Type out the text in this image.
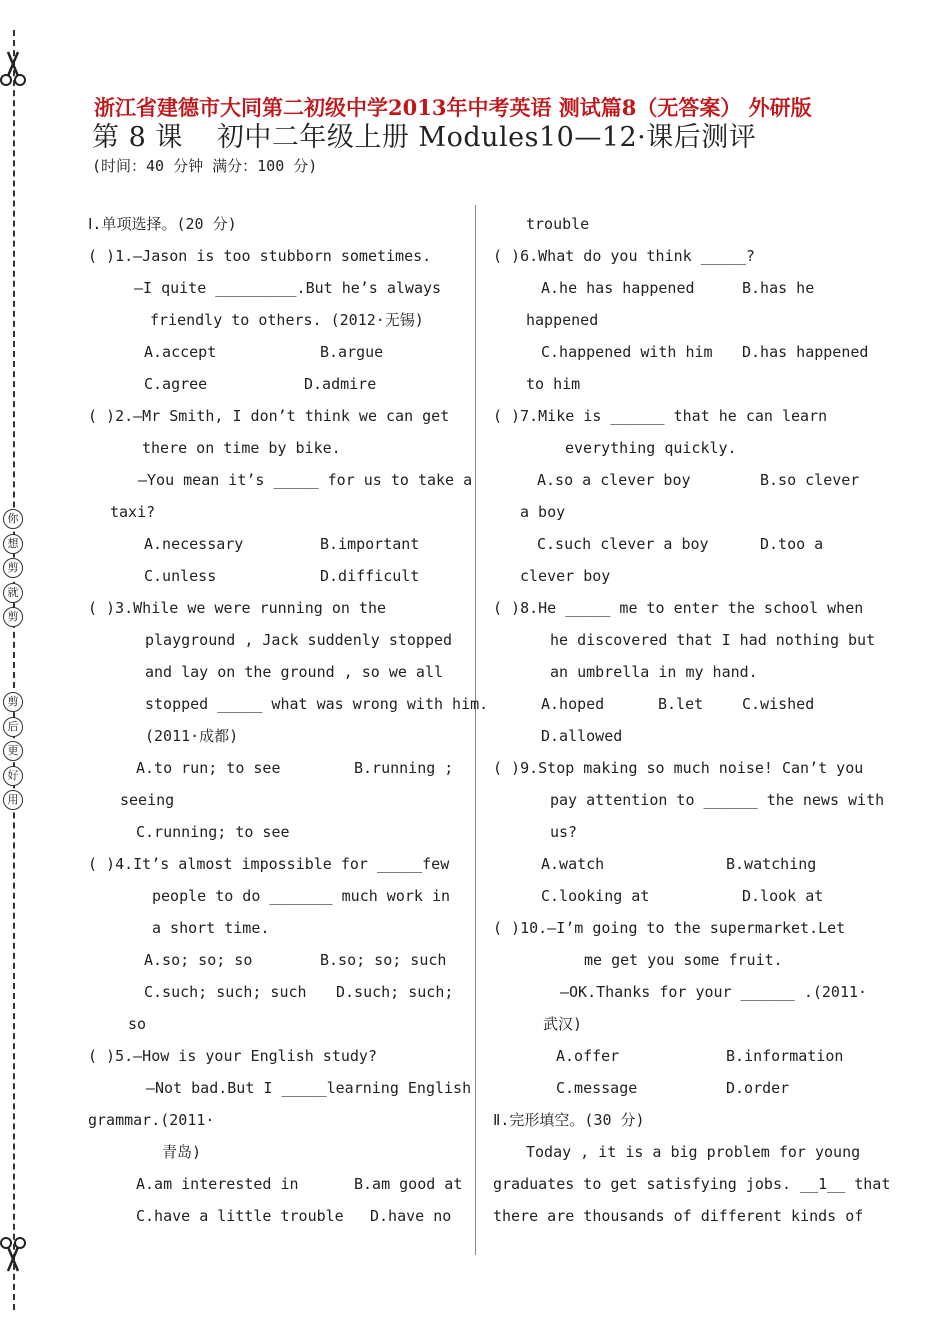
你
想
剪
就
剪
剪
后
更
好
用
浙江省建德市大同第二初级中学2013年中考英语 测试篇8（无答案） 外研版
第 8 课 初中二年级上册 Modules10—12·课后测评
(时间：40 分钟 满分：100 分)
Ⅰ.单项选择。(20 分)
( )1.—Jason is too stubborn sometimes.
—I quite _________.But he’s always
friendly to others. (2012·无锡)
A.accept	B.argue
C.agree	D.admire
( )2.—Mr Smith, I don’t think we can get
there on time by bike.
—You mean it’s _____ for us to take a
taxi?
A.necessary	B.important
C.unless	D.difficult
( )3.While we were running on the
playground , Jack suddenly stopped
and lay on the ground , so we all
stopped _____ what was wrong with him.
(2011·成都)
A.to run; to see	B.running ;
seeing
C.running; to see
( )4.It’s almost impossible for _____few
people to do _______ much work in
a short time.
A.so; so; so	B.so; so; such
C.such; such; such D.such; such;
so
( )5.—How is your English study?
—Not bad.But I _____learning English
grammar.(2011·
青岛)
A.am interested in	B.am good at
C.have a little trouble D.have no
trouble
( )6.What do you think _____?
A.he has happened	B.has he
happened
C.happened with him D.has happened
to him
( )7.Mike is ______ that he can learn
everything quickly.
A.so a clever boy	B.so clever
a boy
C.such clever a boy	D.too a
clever boy
( )8.He _____ me to enter the school when
he discovered that I had nothing but
an umbrella in my hand.
A.hoped	B.let	C.wished
D.allowed
( )9.Stop making so much noise! Can’t you
pay attention to ______ the news with
us?
A.watch	B.watching
C.looking at	D.look at
( )10.—I’m going to the supermarket.Let
me get you some fruit.
—OK.Thanks for your ______ .(2011·
武汉)
A.offer	B.information
C.message	D.order
Ⅱ.完形填空。(30 分)
Today , it is a big problem for young
graduates to get satisfying jobs. __1__ that
there are thousands of different kinds of
